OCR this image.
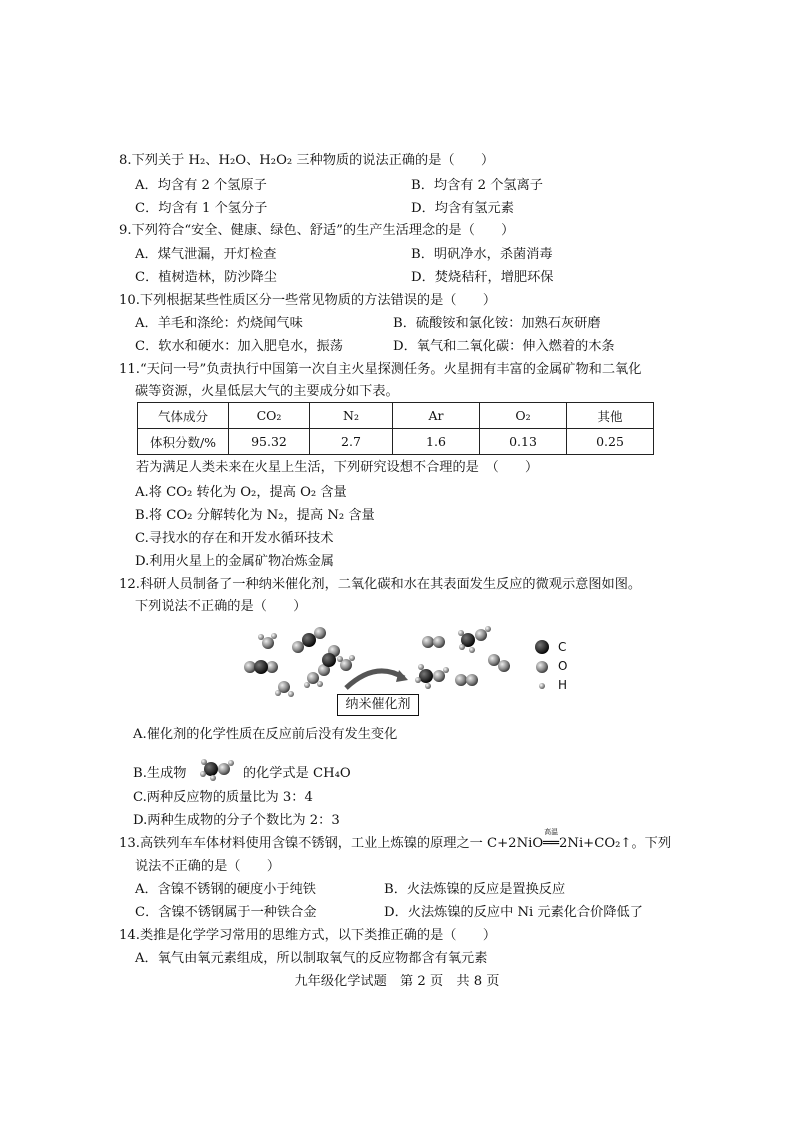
8.下列关于 H₂、H₂O、H₂O₂ 三种物质的说法正确的是（　　）
A．均含有 2 个氢原子	B．均含有 2 个氢离子
C．均含有 1 个氢分子	D．均含有氢元素
9.下列符合“安全、健康、绿色、舒适”的生产生活理念的是（　　）
A．煤气泄漏，开灯检查	B．明矾净水，杀菌消毒
C．植树造林，防沙降尘	D．焚烧秸秆，增肥环保
10.下列根据某些性质区分一些常见物质的方法错误的是（　　）
A．羊毛和涤纶：灼烧闻气味	B．硫酸铵和氯化铵：加熟石灰研磨
C．软水和硬水：加入肥皂水，振荡	D．氧气和二氧化碳：伸入燃着的木条
11.“天问一号”负责执行中国第一次自主火星探测任务。火星拥有丰富的金属矿物和二氧化
碳等资源，火星低层大气的主要成分如下表。
气体成分	CO₂	N₂	Ar	O₂	其他
体积分数/%	95.32	2.7	1.6	0.13	0.25
若为满足人类未来在火星上生活，下列研究设想不合理的是　（　　）
A.将 CO₂ 转化为 O₂，提高 O₂ 含量
B.将 CO₂ 分解转化为 N₂，提高 N₂ 含量
C.寻找水的存在和开发水循环技术
D.利用火星上的金属矿物冶炼金属
12.科研人员制备了一种纳米催化剂，二氧化碳和水在其表面发生反应的微观示意图如图。
下列说法不正确的是（　　）
C
O
H
纳米催化剂
A.催化剂的化学性质在反应前后没有发生变化
B.生成物	的化学式是 CH₄O
C.两种反应物的质量比为 3：4
D.两种生成物的分子个数比为 2：3
13.高铁列车车体材料使用含镍不锈钢，工业上炼镍的原理之一 C+2NiO
高温
══2Ni+CO₂↑。下列
说法不正确的是（　　）
A．含镍不锈钢的硬度小于纯铁	B．火法炼镍的反应是置换反应
C．含镍不锈钢属于一种铁合金	D．火法炼镍的反应中 Ni 元素化合价降低了
14.类推是化学学习常用的思维方式，以下类推正确的是（　　）
A．氧气由氧元素组成，所以制取氧气的反应物都含有氧元素
九年级化学试题　第 2 页　共 8 页
